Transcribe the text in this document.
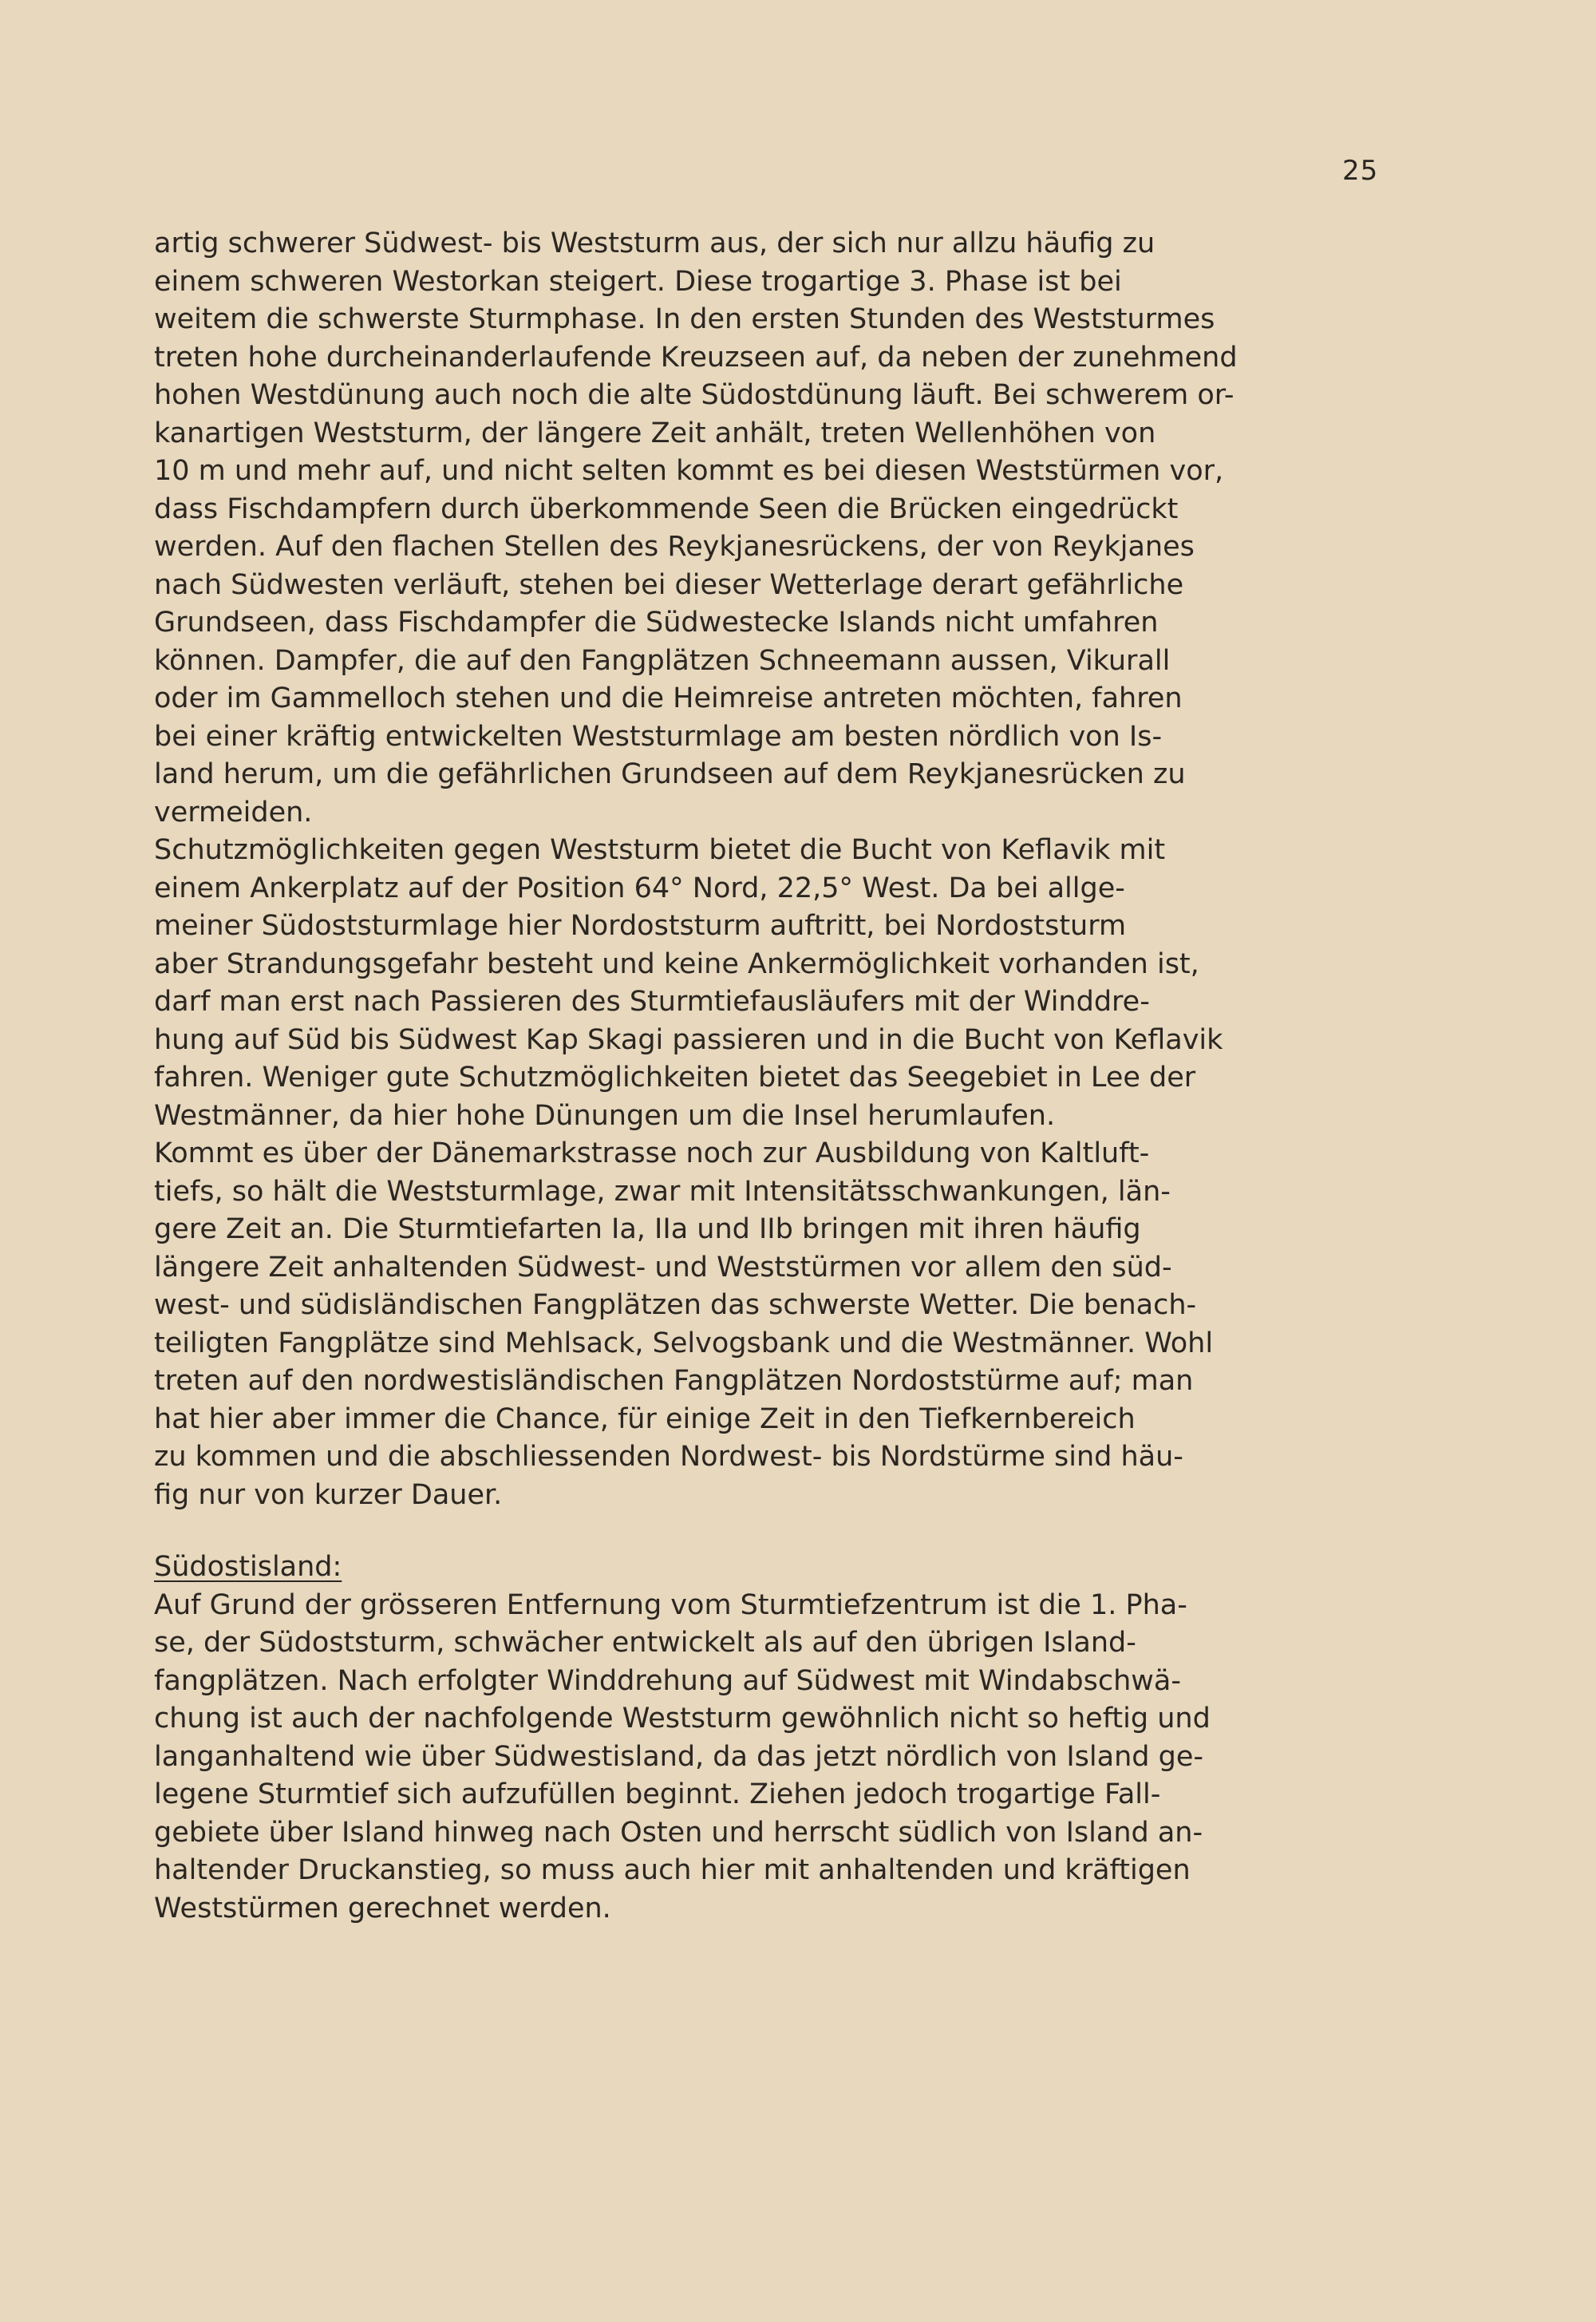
25
artig schwerer Südwest- bis Weststurm aus, der sich nur allzu häufig zu
einem schweren Westorkan steigert. Diese trogartige 3. Phase ist bei
weitem die schwerste Sturmphase. In den ersten Stunden des Weststurmes
treten hohe durcheinanderlaufende Kreuzseen auf, da neben der zunehmend
hohen Westdünung auch noch die alte Südostdünung läuft. Bei schwerem or-
kanartigen Weststurm, der längere Zeit anhält, treten Wellenhöhen von
10 m und mehr auf, und nicht selten kommt es bei diesen Weststürmen vor,
dass Fischdampfern durch überkommende Seen die Brücken eingedrückt
werden. Auf den flachen Stellen des Reykjanesrückens, der von Reykjanes
nach Südwesten verläuft, stehen bei dieser Wetterlage derart gefährliche
Grundseen, dass Fischdampfer die Südwestecke Islands nicht umfahren
können. Dampfer, die auf den Fangplätzen Schneemann aussen, Vikurall
oder im Gammelloch stehen und die Heimreise antreten möchten, fahren
bei einer kräftig entwickelten Weststurmlage am besten nördlich von Is-
land herum, um die gefährlichen Grundseen auf dem Reykjanesrücken zu
vermeiden.
Schutzmöglichkeiten gegen Weststurm bietet die Bucht von Keflavik mit
einem Ankerplatz auf der Position 64° Nord, 22,5° West. Da bei allge-
meiner Südoststurmlage hier Nordoststurm auftritt, bei Nordoststurm
aber Strandungsgefahr besteht und keine Ankermöglichkeit vorhanden ist,
darf man erst nach Passieren des Sturmtiefausläufers mit der Winddre-
hung auf Süd bis Südwest Kap Skagi passieren und in die Bucht von Keflavik
fahren. Weniger gute Schutzmöglichkeiten bietet das Seegebiet in Lee der
Westmänner, da hier hohe Dünungen um die Insel herumlaufen.
Kommt es über der Dänemarkstrasse noch zur Ausbildung von Kaltluft-
tiefs, so hält die Weststurmlage, zwar mit Intensitätsschwankungen, län-
gere Zeit an. Die Sturmtiefarten Ia, IIa und IIb bringen mit ihren häufig
längere Zeit anhaltenden Südwest- und Weststürmen vor allem den süd-
west- und südisländischen Fangplätzen das schwerste Wetter. Die benach-
teiligten Fangplätze sind Mehlsack, Selvogsbank und die Westmänner. Wohl
treten auf den nordwestisländischen Fangplätzen Nordoststürme auf; man
hat hier aber immer die Chance, für einige Zeit in den Tiefkernbereich
zu kommen und die abschliessenden Nordwest- bis Nordstürme sind häu-
fig nur von kurzer Dauer.
Südostisland:
Auf Grund der grösseren Entfernung vom Sturmtiefzentrum ist die 1. Pha-
se, der Südoststurm, schwächer entwickelt als auf den übrigen Island-
fangplätzen. Nach erfolgter Winddrehung auf Südwest mit Windabschwä-
chung ist auch der nachfolgende Weststurm gewöhnlich nicht so heftig und
langanhaltend wie über Südwestisland, da das jetzt nördlich von Island ge-
legene Sturmtief sich aufzufüllen beginnt. Ziehen jedoch trogartige Fall-
gebiete über Island hinweg nach Osten und herrscht südlich von Island an-
haltender Druckanstieg, so muss auch hier mit anhaltenden und kräftigen
Weststürmen gerechnet werden.
